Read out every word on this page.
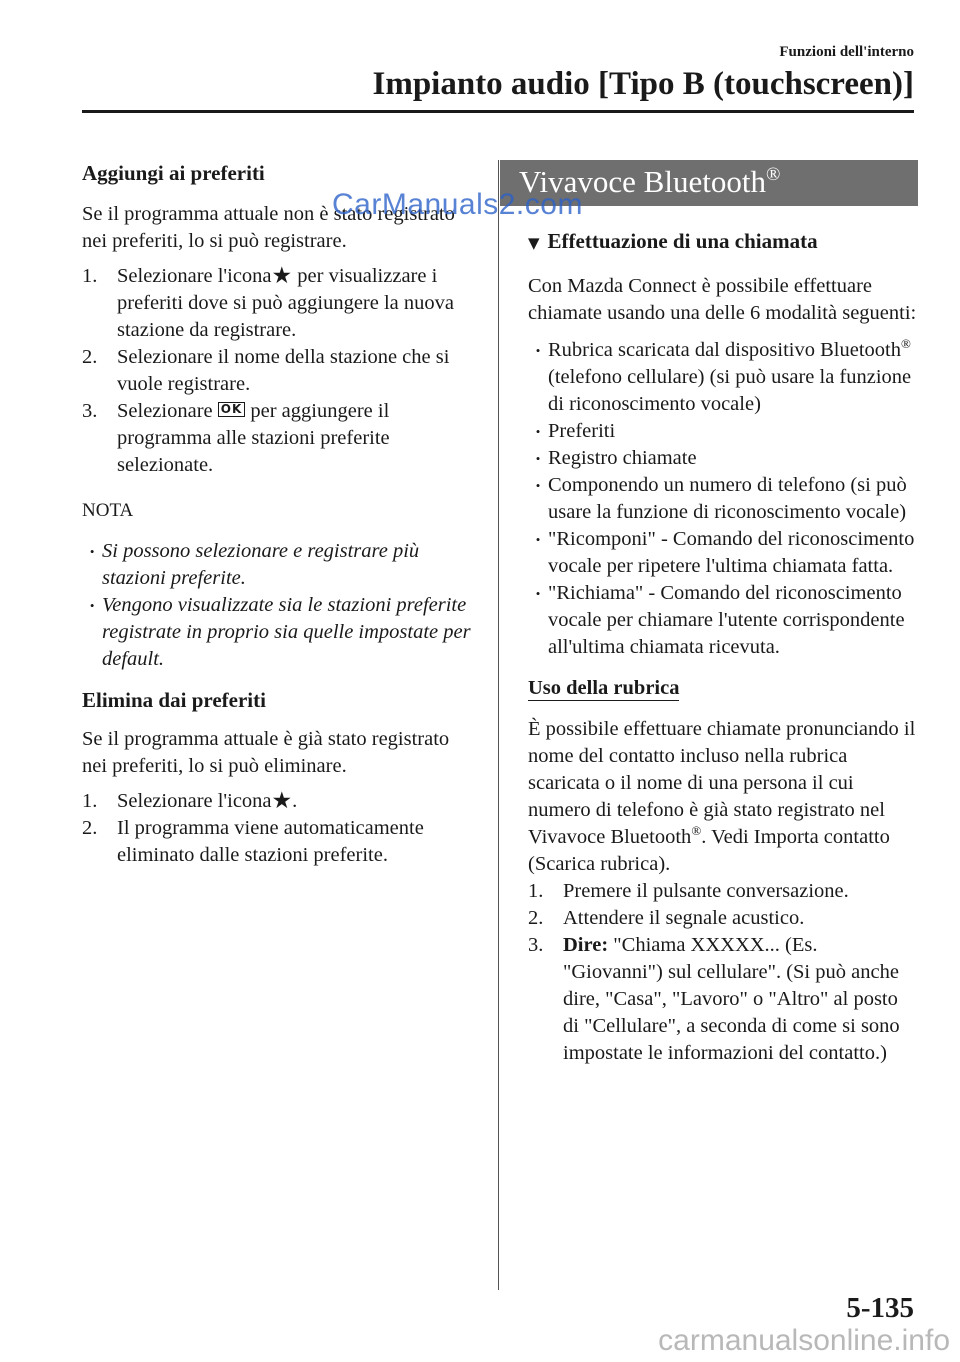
Funzioni dell'interno
Impianto audio [Tipo B (touchscreen)]

Aggiungi ai preferiti

Se il programma attuale non è stato registrato nei preferiti, lo si può registrare.

1. Selezionare l'icona★ per visualizzare i preferiti dove si può aggiungere la nuova stazione da registrare.
2. Selezionare il nome della stazione che si vuole registrare.
3. Selezionare OK per aggiungere il programma alle stazioni preferite selezionate.

NOTA

• Si possono selezionare e registrare più stazioni preferite.
• Vengono visualizzate sia le stazioni preferite registrate in proprio sia quelle impostate per default.

Elimina dai preferiti

Se il programma attuale è già stato registrato nei preferiti, lo si può eliminare.

1. Selezionare l'icona★.
2. Il programma viene automaticamente eliminato dalle stazioni preferite.
Vivavoce Bluetooth®

▼ Effettuazione di una chiamata

Con Mazda Connect è possibile effettuare chiamate usando una delle 6 modalità seguenti:

• Rubrica scaricata dal dispositivo Bluetooth® (telefono cellulare) (si può usare la funzione di riconoscimento vocale)
• Preferiti
• Registro chiamate
• Componendo un numero di telefono (si può usare la funzione di riconoscimento vocale)
• "Ricomponi" - Comando del riconoscimento vocale per ripetere l'ultima chiamata fatta.
• "Richiama" - Comando del riconoscimento vocale per chiamare l'utente corrispondente all'ultima chiamata ricevuta.

Uso della rubrica

È possibile effettuare chiamate pronunciando il nome del contatto incluso nella rubrica scaricata o il nome di una persona il cui numero di telefono è già stato registrato nel Vivavoce Bluetooth®. Vedi Importa contatto (Scarica rubrica).

1. Premere il pulsante conversazione.
2. Attendere il segnale acustico.
3. Dire: "Chiama XXXXX... (Es. "Giovanni") sul cellulare". (Si può anche dire, "Casa", "Lavoro" o "Altro" al posto di "Cellulare", a seconda di come si sono impostate le informazioni del contatto.)
CarManuals2.com
5-135
carmanualsonline.info
